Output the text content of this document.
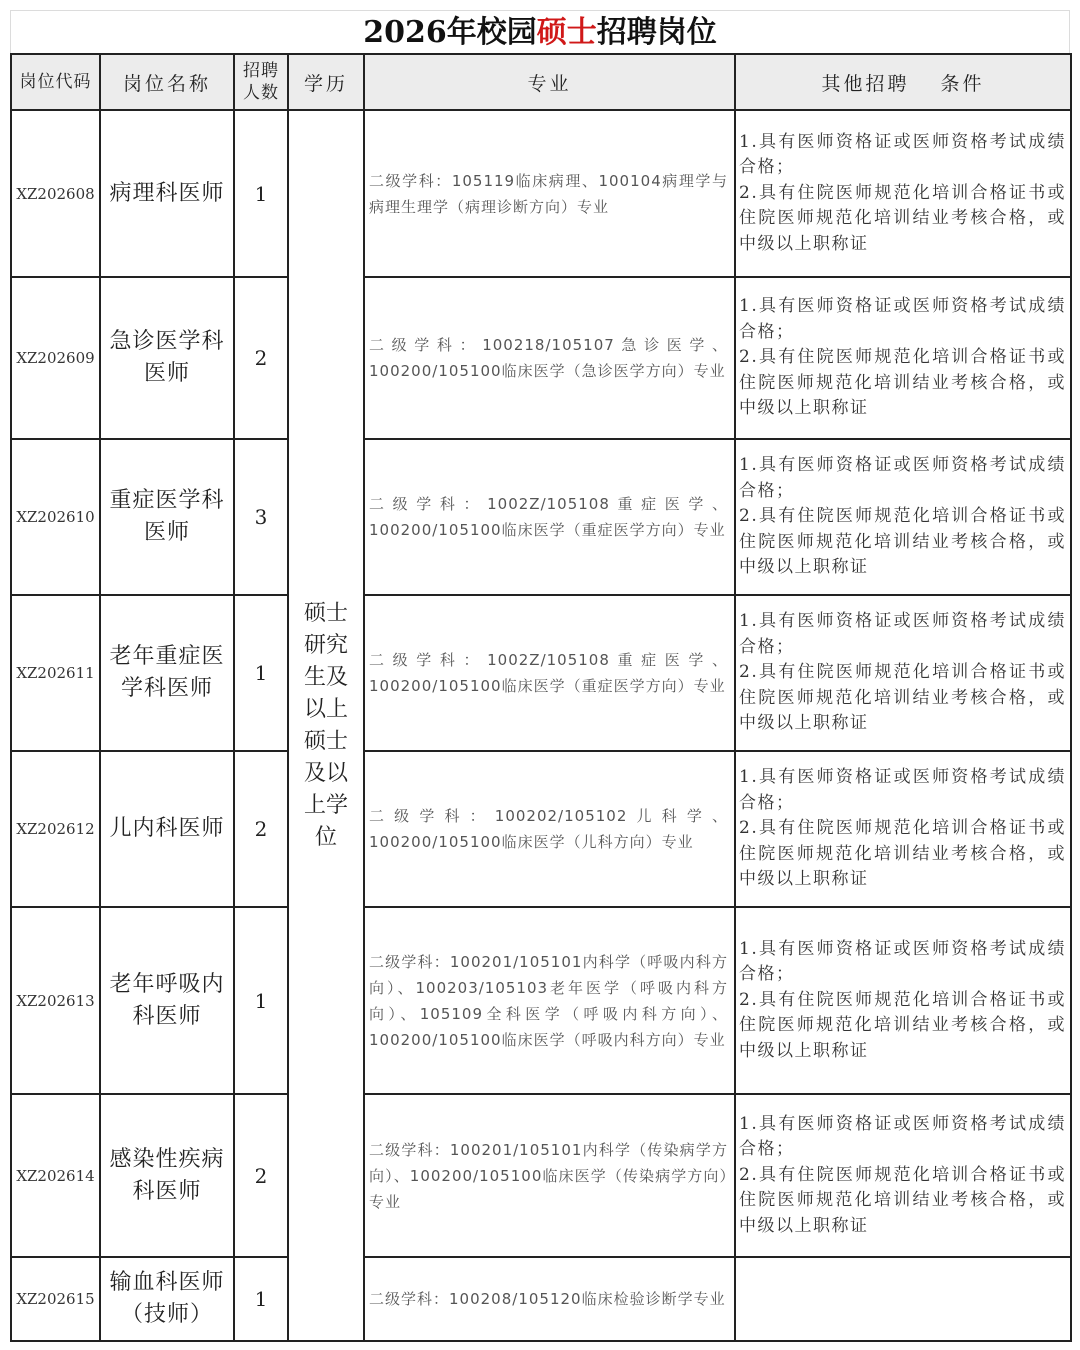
2026年校园硕士招聘岗位
岗位代码	岗位名称	招聘人数	学历	专业	其他招聘　 条件
XZ202608	病理科医师	1	硕士研究生及以上硕士及以上学位	二级学科：105119临床病理、100104病理学与病理生理学（病理诊断方向）专业	1.具有医师资格证或医师资格考试成绩合格；
2.具有住院医师规范化培训合格证书或住院医师规范化培训结业考核合格，或中级以上职称证

XZ202609	急诊医学科医师	2		二级学科：100218/105107急诊医学、100200/105100临床医学（急诊医学方向）专业	1.具有医师资格证或医师资格考试成绩合格；
2.具有住院医师规范化培训合格证书或住院医师规范化培训结业考核合格，或中级以上职称证

XZ202610	重症医学科医师	3		二级学科：1002Z/105108重症医学、100200/105100临床医学（重症医学方向）专业	1.具有医师资格证或医师资格考试成绩合格；
2.具有住院医师规范化培训合格证书或住院医师规范化培训结业考核合格，或中级以上职称证

XZ202611	老年重症医学科医师	1		二级学科：1002Z/105108重症医学、100200/105100临床医学（重症医学方向）专业	1.具有医师资格证或医师资格考试成绩合格；
2.具有住院医师规范化培训合格证书或住院医师规范化培训结业考核合格，或中级以上职称证

XZ202612	儿内科医师	2		二级学科：100202/105102儿科学、100200/105100临床医学（儿科方向）专业	1.具有医师资格证或医师资格考试成绩合格；
2.具有住院医师规范化培训合格证书或住院医师规范化培训结业考核合格，或中级以上职称证

XZ202613	老年呼吸内科医师	1		二级学科：100201/105101内科学（呼吸内科方向）、100203/105103老年医学（呼吸内科方向）、105109全科医学（呼吸内科方向）、100200/105100临床医学（呼吸内科方向）专业	1.具有医师资格证或医师资格考试成绩合格；
2.具有住院医师规范化培训合格证书或住院医师规范化培训结业考核合格，或中级以上职称证

XZ202614	感染性疾病科医师	2		二级学科：100201/105101内科学（传染病学方向）、100200/105100临床医学（传染病学方向）专业	1.具有医师资格证或医师资格考试成绩合格；
2.具有住院医师规范化培训合格证书或住院医师规范化培训结业考核合格，或中级以上职称证

XZ202615	输血科医师（技师）	1		二级学科：100208/105120临床检验诊断学专业	
